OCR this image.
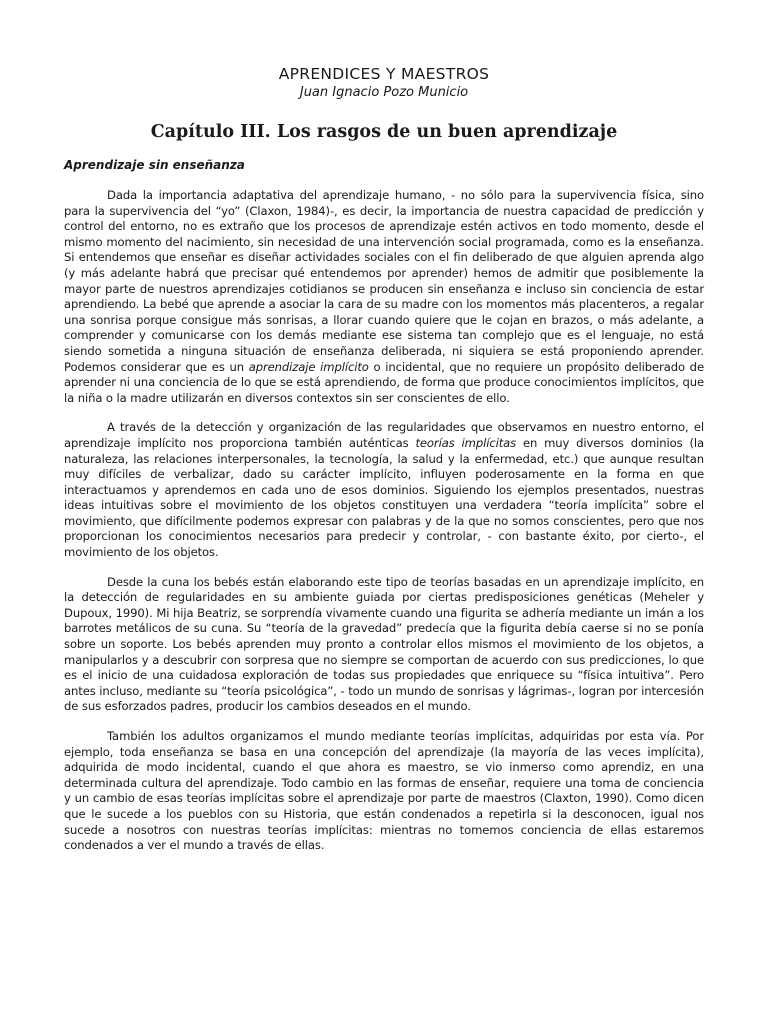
APRENDICES Y MAESTROS

Juan Ignacio Pozo Municio

Capítulo III. Los rasgos de un buen aprendizaje
Aprendizaje sin enseñanza

Dada la importancia adaptativa del aprendizaje humano, - no sólo para la supervivencia física, sino para la supervivencia del “yo” (Claxon, 1984)-, es decir, la importancia de nuestra capacidad de predicción y control del entorno, no es extraño que los procesos de aprendizaje estén activos en todo momento, desde el mismo momento del nacimiento, sin necesidad de una intervención social programada, como es la enseñanza. Si entendemos que enseñar es diseñar actividades sociales con el fin deliberado de que alguien aprenda algo (y más adelante habrá que precisar qué entendemos por aprender) hemos de admitir que posiblemente la mayor parte de nuestros aprendizajes cotidianos se producen sin enseñanza e incluso sin conciencia de estar aprendiendo. La bebé que aprende a asociar la cara de su madre con los momentos más placenteros, a regalar una sonrisa porque consigue más sonrisas, a llorar cuando quiere que le cojan en brazos, o más adelante, a comprender y comunicarse con los demás mediante ese sistema tan complejo que es el lenguaje, no está siendo sometida a ninguna situación de enseñanza deliberada, ni siquiera se está proponiendo aprender. Podemos considerar que es un aprendizaje implícito o incidental, que no requiere un propósito deliberado de aprender ni una conciencia de lo que se está aprendiendo, de forma que produce conocimientos implícitos, que la niña o la madre utilizarán en diversos contextos sin ser conscientes de ello.

A través de la detección y organización de las regularidades que observamos en nuestro entorno, el aprendizaje implícito nos proporciona también auténticas teorías implícitas en muy diversos dominios (la naturaleza, las relaciones interpersonales, la tecnología, la salud y la enfermedad, etc.) que aunque resultan muy difíciles de verbalizar, dado su carácter implícito, influyen poderosamente en la forma en que interactuamos y aprendemos en cada uno de esos dominios. Siguiendo los ejemplos presentados, nuestras ideas intuitivas sobre el movimiento de los objetos constituyen una verdadera “teoría implícita” sobre el movimiento, que difícilmente podemos expresar con palabras y de la que no somos conscientes, pero que nos proporcionan los conocimientos necesarios para predecir y controlar, - con bastante éxito, por cierto-, el movimiento de los objetos.

Desde la cuna los bebés están elaborando este tipo de teorías basadas en un aprendizaje implícito, en la detección de regularidades en su ambiente guiada por ciertas predisposiciones genéticas (Meheler y Dupoux, 1990). Mi hija Beatriz, se sorprendía vivamente cuando una figurita se adhería mediante un imán a los barrotes metálicos de su cuna. Su “teoría de la gravedad” predecía que la figurita debía caerse si no se ponía sobre un soporte. Los bebés aprenden muy pronto a controlar ellos mismos el movimiento de los objetos, a manipularlos y a descubrir con sorpresa que no siempre se comportan de acuerdo con sus predicciones, lo que es el inicio de una cuidadosa exploración de todas sus propiedades que enriquece su “física intuitiva”. Pero antes incluso, mediante su “teoría psicológica”, - todo un mundo de sonrisas y lágrimas-, logran por intercesión de sus esforzados padres, producir los cambios deseados en el mundo.

También los adultos organizamos el mundo mediante teorías implícitas, adquiridas por esta vía. Por ejemplo, toda enseñanza se basa en una concepción del aprendizaje (la mayoría de las veces implícita), adquirida de modo incidental, cuando el que ahora es maestro, se vio inmerso como aprendiz, en una determinada cultura del aprendizaje. Todo cambio en las formas de enseñar, requiere una toma de conciencia y un cambio de esas teorías implícitas sobre el aprendizaje por parte de maestros (Claxton, 1990). Como dicen que le sucede a los pueblos con su Historia, que están condenados a repetirla si la desconocen, igual nos sucede a nosotros con nuestras teorías implícitas: mientras no tomemos conciencia de ellas estaremos condenados a ver el mundo a través de ellas.
